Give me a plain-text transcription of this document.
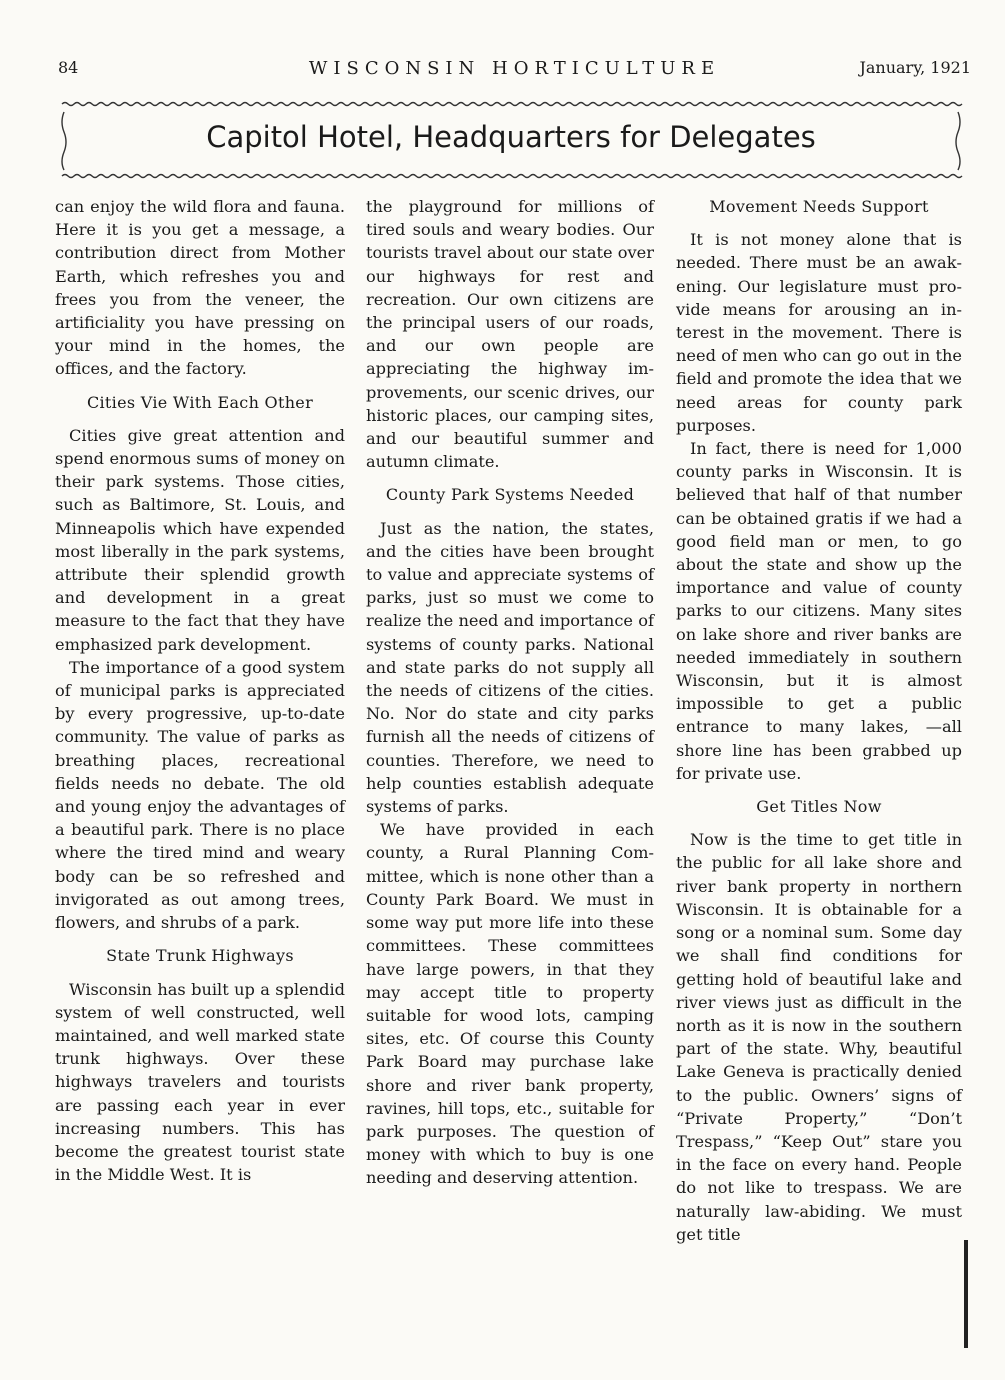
84	WISCONSIN HORTICULTURE	January, 1921
Capitol Hotel, Headquarters for Delegates

can enjoy the wild flora and fauna. Here it is you get a message, a contribution direct from Mother Earth, which refreshes you and frees you from the veneer, the artificiality you have pressing on your mind in the homes, the offices, and the factory.

Cities Vie With Each Other

Cities give great attention and spend enormous sums of money on their park systems. Those cities, such as Baltimore, St. Louis, and Minneapolis which have expended most liberally in the park systems, attribute their splendid growth and development in a great measure to the fact that they have emphasized park development.

The importance of a good system of municipal parks is appreciated by every progressive, up-to-date community. The value of parks as breathing places, recreational fields needs no debate. The old and young enjoy the advantages of a beautiful park. There is no place where the tired mind and weary body can be so refreshed and invigorated as out among trees, flowers, and shrubs of a park.

State Trunk Highways

Wisconsin has built up a splendid system of well constructed, well maintained, and well marked state trunk highways. Over these highways travelers and tourists are passing each year in ever increasing numbers. This has become the greatest tourist state in the Middle West. It is

the playground for millions of tired souls and weary bodies. Our tourists travel about our state over our highways for rest and recreation. Our own citizens are the principal users of our roads, and our own people are appreciating the highway improvements, our scenic drives, our historic places, our camping sites, and our beautiful summer and autumn climate.

County Park Systems Needed

Just as the nation, the states, and the cities have been brought to value and appreciate systems of parks, just so must we come to realize the need and importance of systems of county parks. National and state parks do not supply all the needs of citizens of the cities. No. Nor do state and city parks furnish all the needs of citizens of counties. Therefore, we need to help counties establish adequate systems of parks.

We have provided in each county, a Rural Planning Committee, which is none other than a County Park Board. We must in some way put more life into these committees. These committees have large powers, in that they may accept title to property suitable for wood lots, camping sites, etc. Of course this County Park Board may purchase lake shore and river bank property, ravines, hill tops, etc., suitable for park purposes. The question of money with which to buy is one needing and deserving attention.

Movement Needs Support

It is not money alone that is needed. There must be an awakening. Our legislature must provide means for arousing an interest in the movement. There is need of men who can go out in the field and promote the idea that we need areas for county park purposes.

In fact, there is need for 1,000 county parks in Wisconsin. It is believed that half of that number can be obtained gratis if we had a good field man or men, to go about the state and show up the importance and value of county parks to our citizens. Many sites on lake shore and river banks are needed immediately in southern Wisconsin, but it is almost impossible to get a public entrance to many lakes, —all shore line has been grabbed up for private use.

Get Titles Now

Now is the time to get title in the public for all lake shore and river bank property in northern Wisconsin. It is obtainable for a song or a nominal sum. Some day we shall find conditions for getting hold of beautiful lake and river views just as difficult in the north as it is now in the southern part of the state. Why, beautiful Lake Geneva is practically denied to the public. Owners’ signs of “Private Property,” “Don’t Trespass,” “Keep Out” stare you in the face on every hand. People do not like to trespass. We are naturally law-abiding. We must get title
